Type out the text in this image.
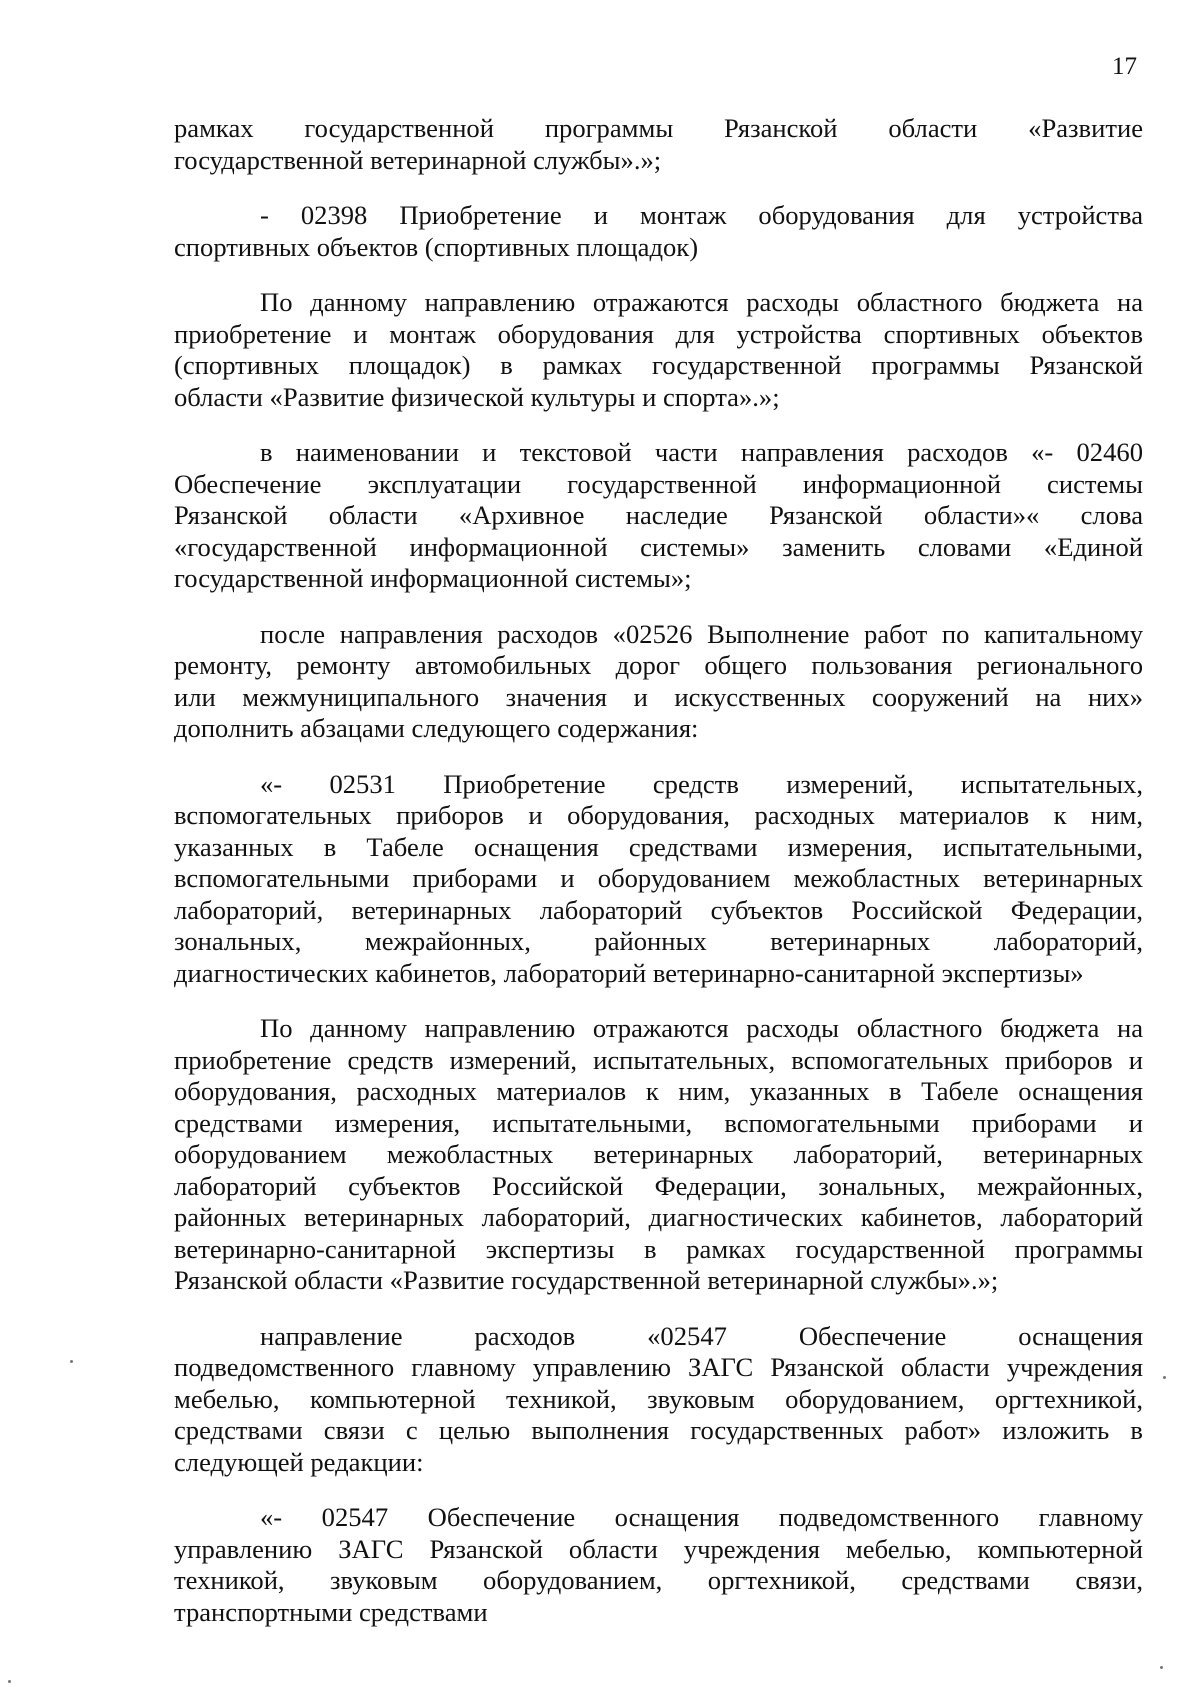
17
рамках государственной программы Рязанской области «Развитие
государственной ветеринарной службы».»;
- 02398 Приобретение и монтаж оборудования для устройства
спортивных объектов (спортивных площадок)
По данному направлению отражаются расходы областного бюджета на
приобретение и монтаж оборудования для устройства спортивных объектов
(спортивных площадок) в рамках государственной программы Рязанской
области «Развитие физической культуры и спорта».»;
в наименовании и текстовой части направления расходов «- 02460
Обеспечение эксплуатации государственной информационной системы
Рязанской области «Архивное наследие Рязанской области»« слова
«государственной информационной системы» заменить словами «Единой
государственной информационной системы»;
после направления расходов «02526 Выполнение работ по капитальному
ремонту, ремонту автомобильных дорог общего пользования регионального
или межмуниципального значения и искусственных сооружений на них»
дополнить абзацами следующего содержания:
«- 02531 Приобретение средств измерений, испытательных,
вспомогательных приборов и оборудования, расходных материалов к ним,
указанных в Табеле оснащения средствами измерения, испытательными,
вспомогательными приборами и оборудованием межобластных ветеринарных
лабораторий, ветеринарных лабораторий субъектов Российской Федерации,
зональных, межрайонных, районных ветеринарных лабораторий,
диагностических кабинетов, лабораторий ветеринарно-санитарной экспертизы»
По данному направлению отражаются расходы областного бюджета на
приобретение средств измерений, испытательных, вспомогательных приборов и
оборудования, расходных материалов к ним, указанных в Табеле оснащения
средствами измерения, испытательными, вспомогательными приборами и
оборудованием межобластных ветеринарных лабораторий, ветеринарных
лабораторий субъектов Российской Федерации, зональных, межрайонных,
районных ветеринарных лабораторий, диагностических кабинетов, лабораторий
ветеринарно-санитарной экспертизы в рамках государственной программы
Рязанской области «Развитие государственной ветеринарной службы».»;
направление расходов «02547 Обеспечение оснащения
подведомственного главному управлению ЗАГС Рязанской области учреждения
мебелью, компьютерной техникой, звуковым оборудованием, оргтехникой,
средствами связи с целью выполнения государственных работ» изложить в
следующей редакции:
«- 02547 Обеспечение оснащения подведомственного главному
управлению ЗАГС Рязанской области учреждения мебелью, компьютерной
техникой, звуковым оборудованием, оргтехникой, средствами связи,
транспортными средствами
